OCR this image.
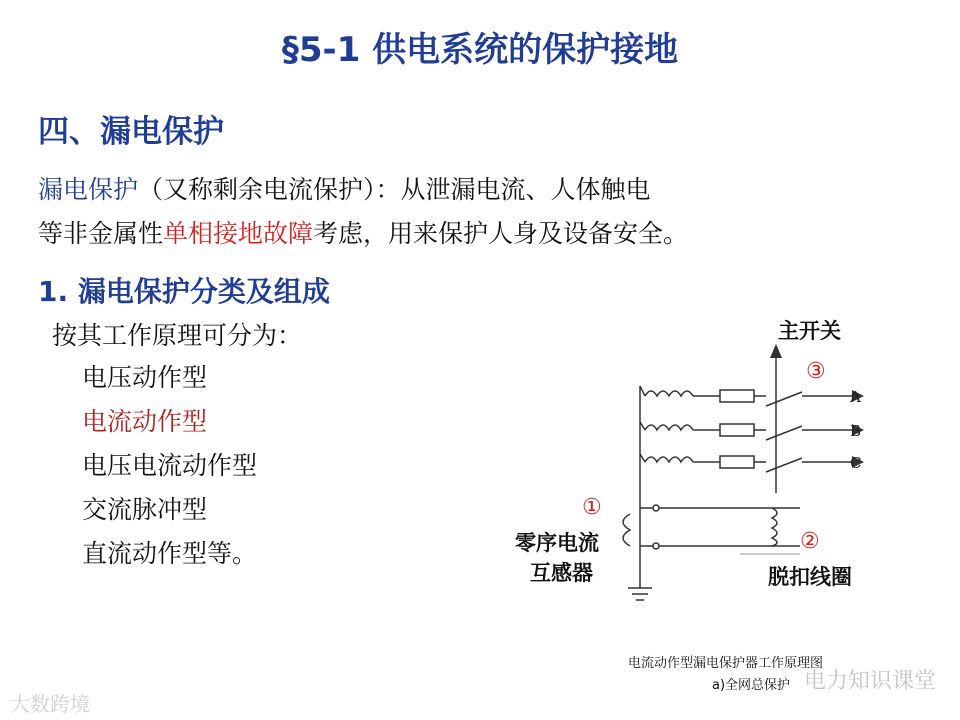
§5-1 供电系统的保护接地
四、漏电保护
漏电保护（又称剩余电流保护）：从泄漏电流、人体触电
等非金属性单相接地故障考虑，用来保护人身及设备安全。
1. 漏电保护分类及组成
按其工作原理可分为：
电压动作型
电流动作型
电压电流动作型
交流脉冲型
直流动作型等。
A
B
C
主开关
③
①
②
零序电流
互感器	脱扣线圈
电流动作型漏电保护器工作原理图
a)全网总保护
大数跨境
电力知识课堂
